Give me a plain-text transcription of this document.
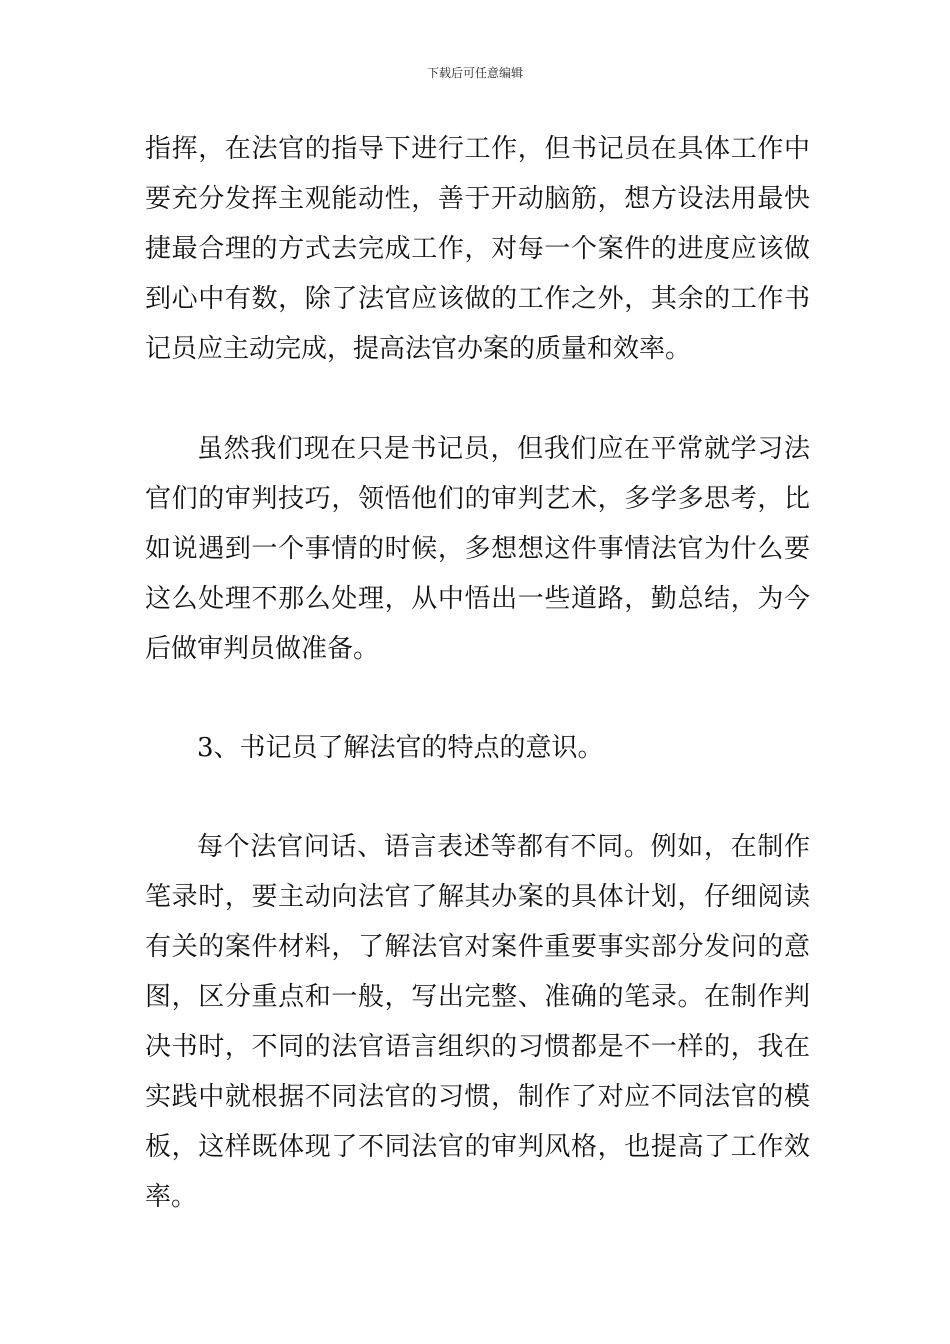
下载后可任意编辑
指挥，在法官的指导下进行工作，但书记员在具体工作中
要充分发挥主观能动性，善于开动脑筋，想方设法用最快
捷最合理的方式去完成工作，对每一个案件的进度应该做
到心中有数，除了法官应该做的工作之外，其余的工作书
记员应主动完成，提高法官办案的质量和效率。
虽然我们现在只是书记员，但我们应在平常就学习法
官们的审判技巧，领悟他们的审判艺术，多学多思考，比
如说遇到一个事情的时候，多想想这件事情法官为什么要
这么处理不那么处理，从中悟出一些道路，勤总结，为今
后做审判员做准备。
3、书记员了解法官的特点的意识。
每个法官问话、语言表述等都有不同。例如，在制作
笔录时，要主动向法官了解其办案的具体计划，仔细阅读
有关的案件材料，了解法官对案件重要事实部分发问的意
图，区分重点和一般，写出完整、准确的笔录。在制作判
决书时，不同的法官语言组织的习惯都是不一样的，我在
实践中就根据不同法官的习惯，制作了对应不同法官的模
板，这样既体现了不同法官的审判风格，也提高了工作效
率。
